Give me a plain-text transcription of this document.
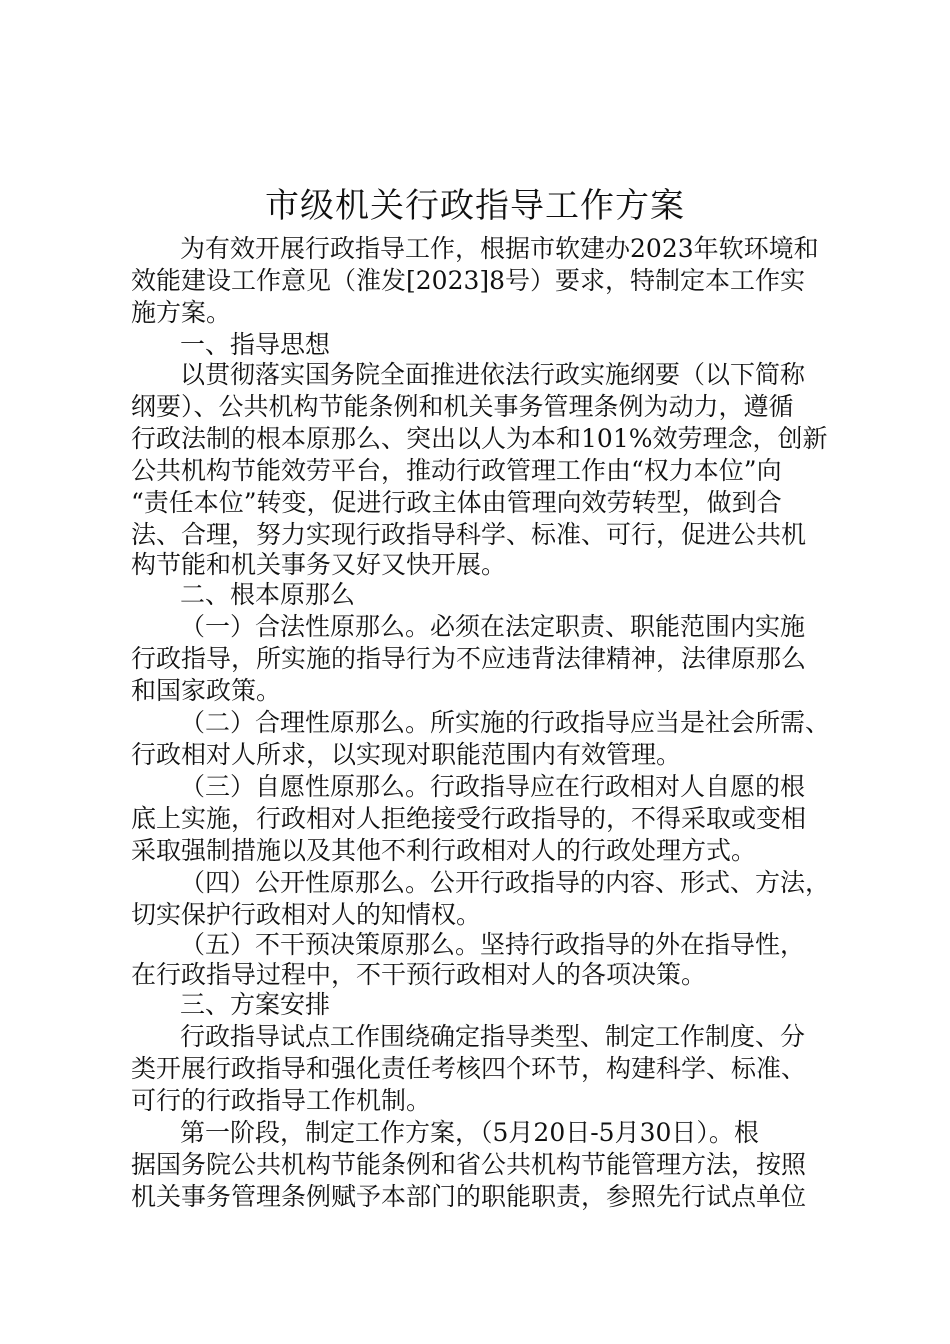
市级机关行政指导工作方案

为有效开展行政指导工作，根据市软建办2023年软环境和

效能建设工作意见（淮发[2023]8号）要求，特制定本工作实

施方案。

一、指导思想

以贯彻落实国务院全面推进依法行政实施纲要（以下简称

纲要）、公共机构节能条例和机关事务管理条例为动力，遵循

行政法制的根本原那么、突出以人为本和101%效劳理念，创新

公共机构节能效劳平台，推动行政管理工作由“权力本位”向

“责任本位”转变，促进行政主体由管理向效劳转型，做到合

法、合理，努力实现行政指导科学、标准、可行，促进公共机

构节能和机关事务又好又快开展。

二、根本原那么

（一）合法性原那么。必须在法定职责、职能范围内实施

行政指导，所实施的指导行为不应违背法律精神，法律原那么

和国家政策。

（二）合理性原那么。所实施的行政指导应当是社会所需、

行政相对人所求，以实现对职能范围内有效管理。

（三）自愿性原那么。行政指导应在行政相对人自愿的根

底上实施，行政相对人拒绝接受行政指导的，不得采取或变相

采取强制措施以及其他不利行政相对人的行政处理方式。

（四）公开性原那么。公开行政指导的内容、形式、方法，

切实保护行政相对人的知情权。

（五）不干预决策原那么。坚持行政指导的外在指导性，

在行政指导过程中，不干预行政相对人的各项决策。

三、方案安排

行政指导试点工作围绕确定指导类型、制定工作制度、分

类开展行政指导和强化责任考核四个环节，构建科学、标准、

可行的行政指导工作机制。

第一阶段，制定工作方案，（5月20日-5月30日）。根

据国务院公共机构节能条例和省公共机构节能管理方法，按照

机关事务管理条例赋予本部门的职能职责，参照先行试点单位
